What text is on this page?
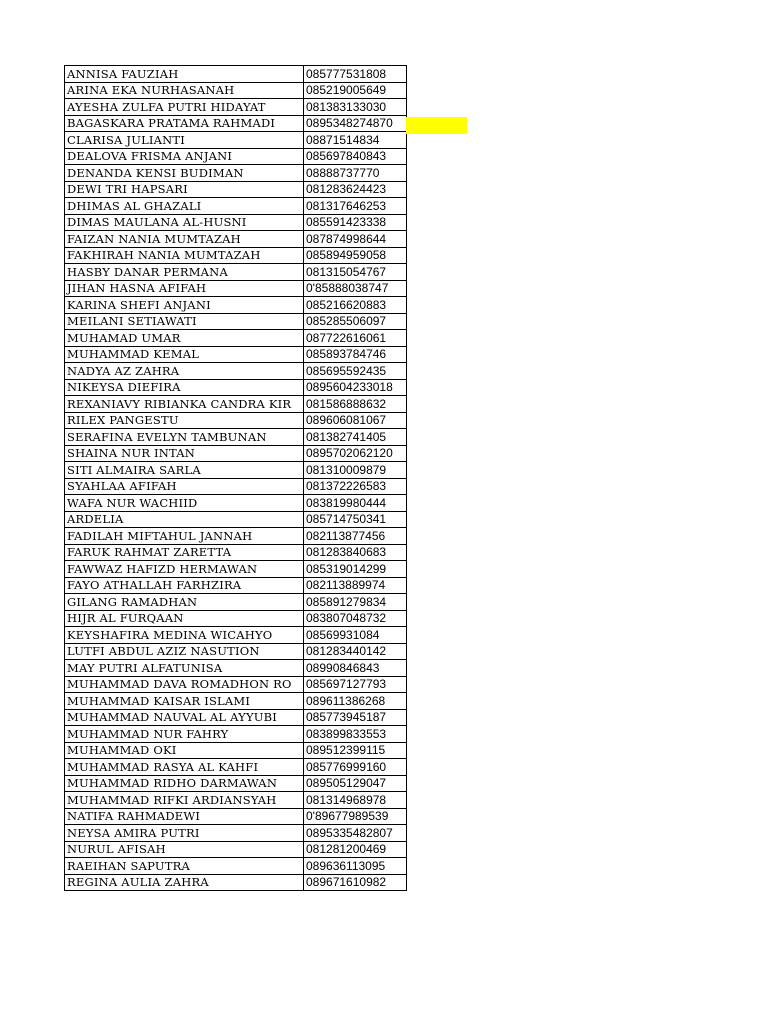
ANNISA FAUZIAH	085777531808
ARINA EKA NURHASANAH	085219005649
AYESHA ZULFA PUTRI HIDAYAT	081383133030
BAGASKARA PRATAMA RAHMADI	0895348274870
CLARISA JULIANTI	08871514834
DEALOVA FRISMA ANJANI	085697840843
DENANDA KENSI BUDIMAN	08888737770
DEWI TRI HAPSARI	081283624423
DHIMAS AL GHAZALI	081317646253
DIMAS MAULANA AL-HUSNI	085591423338
FAIZAN NANIA MUMTAZAH	087874998644
FAKHIRAH NANIA MUMTAZAH	085894959058
HASBY DANAR PERMANA	081315054767
JIHAN HASNA AFIFAH	0'85888038747
KARINA SHEFI ANJANI	085216620883
MEILANI SETIAWATI	085285506097
MUHAMAD UMAR	087722616061
MUHAMMAD KEMAL	085893784746
NADYA AZ ZAHRA	085695592435
NIKEYSA DIEFIRA	0895604233018
REXANIAVY RIBIANKA CANDRA KIR	081586888632
RILEX PANGESTU	089606081067
SERAFINA EVELYN TAMBUNAN	081382741405
SHAINA NUR INTAN	0895702062120
SITI ALMAIRA SARLA	081310009879
SYAHLAA AFIFAH	081372226583
WAFA NUR WACHIID	083819980444
ARDELIA	085714750341
FADILAH MIFTAHUL JANNAH	082113877456
FARUK RAHMAT ZARETTA	081283840683
FAWWAZ HAFIZD HERMAWAN	085319014299
FAYO ATHALLAH FARHZIRA	082113889974
GILANG RAMADHAN	085891279834
HIJR AL FURQAAN	083807048732
KEYSHAFIRA MEDINA WICAHYO	08569931084
LUTFI ABDUL AZIZ NASUTION	081283440142
MAY PUTRI ALFATUNISA	08990846843
MUHAMMAD DAVA ROMADHON RO	085697127793
MUHAMMAD KAISAR ISLAMI	089611386268
MUHAMMAD NAUVAL AL AYYUBI	085773945187
MUHAMMAD NUR FAHRY	083899833553
MUHAMMAD OKI	089512399115
MUHAMMAD RASYA AL KAHFI	085776999160
MUHAMMAD RIDHO DARMAWAN	089505129047
MUHAMMAD RIFKI ARDIANSYAH	081314968978
NATIFA RAHMADEWI	0'89677989539
NEYSA AMIRA PUTRI	0895335482807
NURUL AFISAH	081281200469
RAEIHAN SAPUTRA	089636113095
REGINA AULIA ZAHRA	089671610982
